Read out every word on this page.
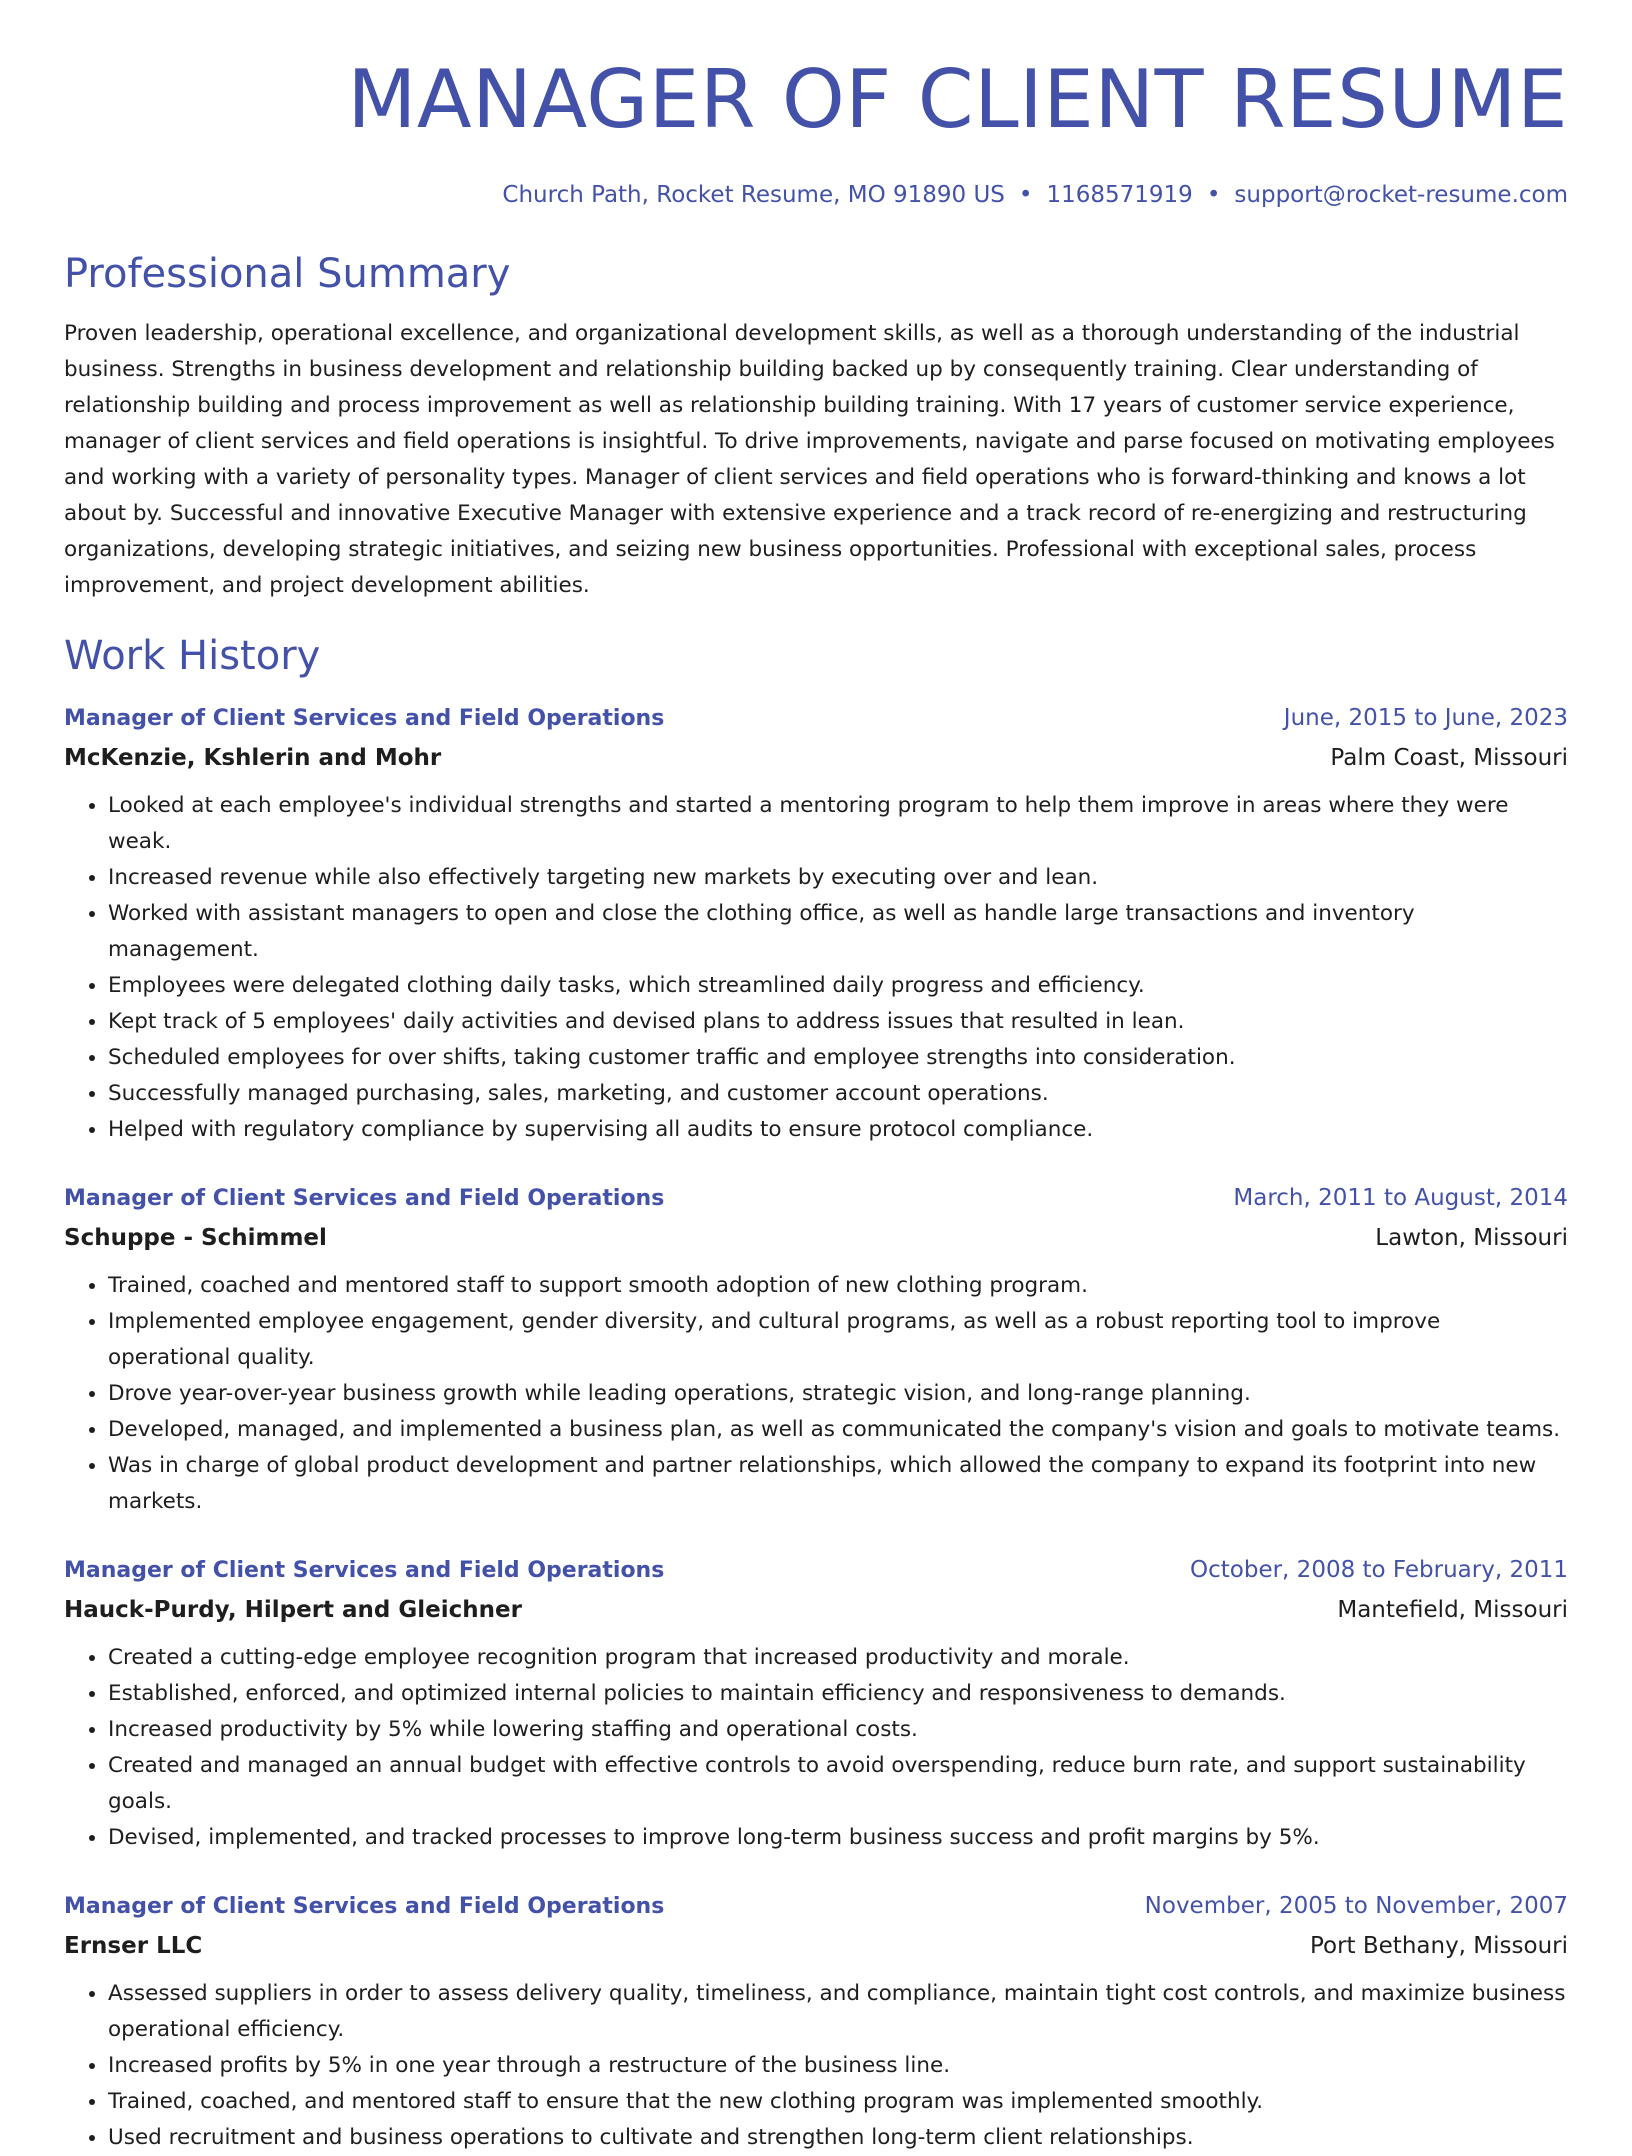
MANAGER OF CLIENT RESUME
Church Path, Rocket Resume, MO 91890 US • 1168571919 • support@rocket-resume.com
Professional Summary

Proven leadership, operational excellence, and organizational development skills, as well as a thorough understanding of the industrial business. Strengths in business development and relationship building backed up by consequently training. Clear understanding of relationship building and process improvement as well as relationship building training. With 17 years of customer service experience, manager of client services and field operations is insightful. To drive improvements, navigate and parse focused on motivating employees and working with a variety of personality types. Manager of client services and field operations who is forward-thinking and knows a lot about by. Successful and innovative Executive Manager with extensive experience and a track record of re-energizing and restructuring organizations, developing strategic initiatives, and seizing new business opportunities. Professional with exceptional sales, process improvement, and project development abilities.

Work History
Manager of Client Services and Field Operations	June, 2015 to June, 2023
McKenzie, Kshlerin and Mohr	Palm Coast, Missouri
• Looked at each employee's individual strengths and started a mentoring program to help them improve in areas where they were weak.
• Increased revenue while also effectively targeting new markets by executing over and lean.
• Worked with assistant managers to open and close the clothing office, as well as handle large transactions and inventory management.
• Employees were delegated clothing daily tasks, which streamlined daily progress and efficiency.
• Kept track of 5 employees' daily activities and devised plans to address issues that resulted in lean.
• Scheduled employees for over shifts, taking customer traffic and employee strengths into consideration.
• Successfully managed purchasing, sales, marketing, and customer account operations.
• Helped with regulatory compliance by supervising all audits to ensure protocol compliance.
Manager of Client Services and Field Operations	March, 2011 to August, 2014
Schuppe - Schimmel	Lawton, Missouri
• Trained, coached and mentored staff to support smooth adoption of new clothing program.
• Implemented employee engagement, gender diversity, and cultural programs, as well as a robust reporting tool to improve operational quality.
• Drove year-over-year business growth while leading operations, strategic vision, and long-range planning.
• Developed, managed, and implemented a business plan, as well as communicated the company's vision and goals to motivate teams.
• Was in charge of global product development and partner relationships, which allowed the company to expand its footprint into new markets.
Manager of Client Services and Field Operations	October, 2008 to February, 2011
Hauck-Purdy, Hilpert and Gleichner	Mantefield, Missouri
• Created a cutting-edge employee recognition program that increased productivity and morale.
• Established, enforced, and optimized internal policies to maintain efficiency and responsiveness to demands.
• Increased productivity by 5% while lowering staffing and operational costs.
• Created and managed an annual budget with effective controls to avoid overspending, reduce burn rate, and support sustainability goals.
• Devised, implemented, and tracked processes to improve long-term business success and profit margins by 5%.
Manager of Client Services and Field Operations	November, 2005 to November, 2007
Ernser LLC	Port Bethany, Missouri
• Assessed suppliers in order to assess delivery quality, timeliness, and compliance, maintain tight cost controls, and maximize business operational efficiency.
• Increased profits by 5% in one year through a restructure of the business line.
• Trained, coached, and mentored staff to ensure that the new clothing program was implemented smoothly.
• Used recruitment and business operations to cultivate and strengthen long-term client relationships.
